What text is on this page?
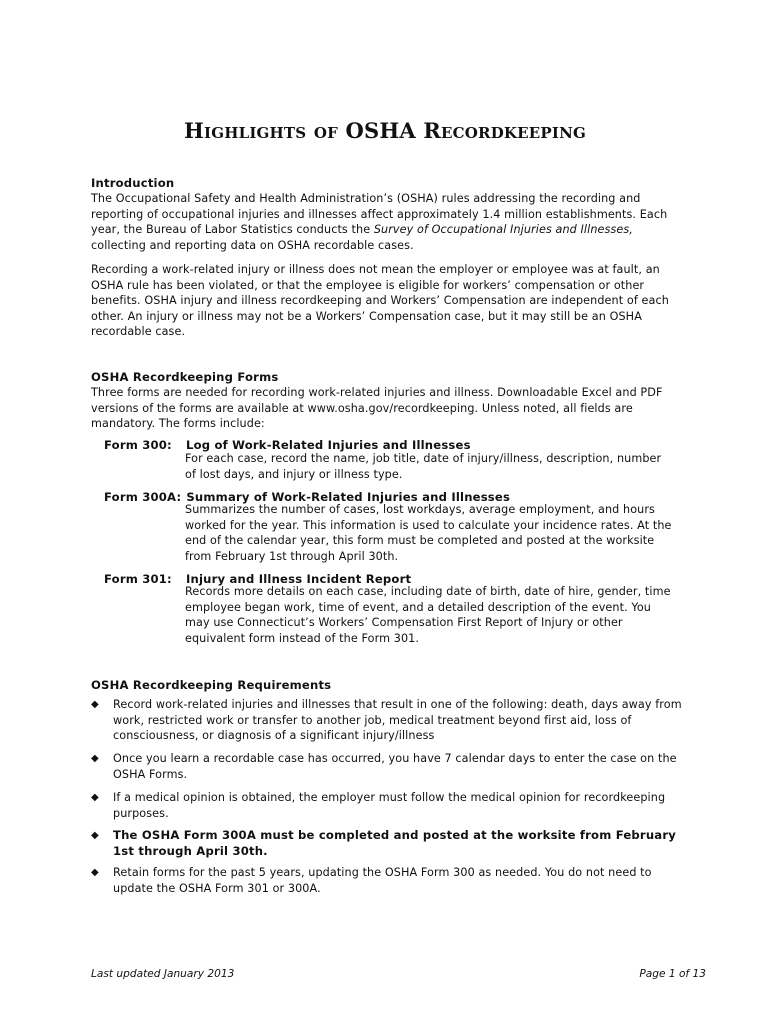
Highlights of OSHA Recordkeeping
Introduction
The Occupational Safety and Health Administration’s (OSHA) rules addressing the recording and reporting of occupational injuries and illnesses affect approximately 1.4 million establishments. Each year, the Bureau of Labor Statistics conducts the Survey of Occupational Injuries and Illnesses, collecting and reporting data on OSHA recordable cases.
Recording a work-related injury or illness does not mean the employer or employee was at fault, an OSHA rule has been violated, or that the employee is eligible for workers’ compensation or other benefits. OSHA injury and illness recordkeeping and Workers’ Compensation are independent of each other. An injury or illness may not be a Workers’ Compensation case, but it may still be an OSHA recordable case.
OSHA Recordkeeping Forms
Three forms are needed for recording work-related injuries and illness. Downloadable Excel and PDF versions of the forms are available at www.osha.gov/recordkeeping. Unless noted, all fields are mandatory. The forms include:
Form 300: Log of Work-Related Injuries and Illnesses
For each case, record the name, job title, date of injury/illness, description, number of lost days, and injury or illness type.
Form 300A: Summary of Work-Related Injuries and Illnesses
Summarizes the number of cases, lost workdays, average employment, and hours worked for the year. This information is used to calculate your incidence rates. At the end of the calendar year, this form must be completed and posted at the worksite from February 1st through April 30th.
Form 301: Injury and Illness Incident Report
Records more details on each case, including date of birth, date of hire, gender, time employee began work, time of event, and a detailed description of the event. You may use Connecticut’s Workers’ Compensation First Report of Injury or other equivalent form instead of the Form 301.
OSHA Recordkeeping Requirements
◆ Record work-related injuries and illnesses that result in one of the following: death, days away from work, restricted work or transfer to another job, medical treatment beyond first aid, loss of consciousness, or diagnosis of a significant injury/illness
◆ Once you learn a recordable case has occurred, you have 7 calendar days to enter the case on the OSHA Forms.
◆ If a medical opinion is obtained, the employer must follow the medical opinion for recordkeeping purposes.
◆ The OSHA Form 300A must be completed and posted at the worksite from February 1st through April 30th.
◆ Retain forms for the past 5 years, updating the OSHA Form 300 as needed. You do not need to update the OSHA Form 301 or 300A.
Last updated January 2013	Page 1 of 13
